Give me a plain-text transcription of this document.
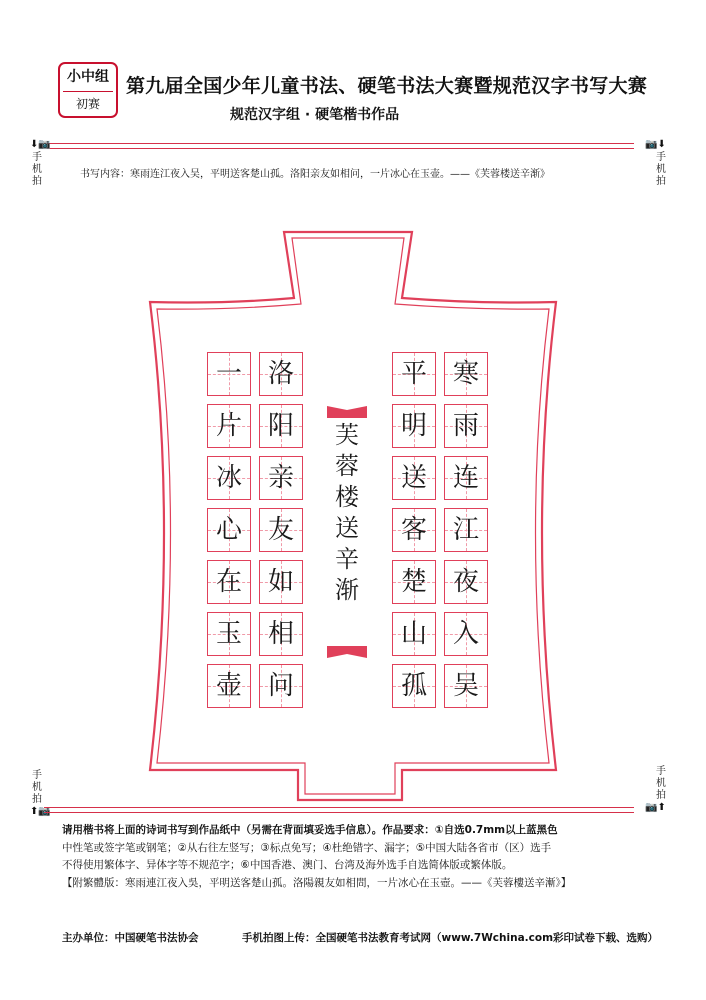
小中组
初赛
第九届全国少年儿童书法、硬笔书法大赛暨规范汉字书写大赛
规范汉字组 · 硬笔楷书作品
⬇📷
手机拍
📷⬇
手机拍
书写内容：寒雨连江夜入吴，平明送客楚山孤。洛阳亲友如相问，一片冰心在玉壶。——《芙蓉楼送辛渐》
芙蓉楼送辛渐
寒
雨
连
江
夜
入
吴
平
明
送
客
楚
山
孤
洛
阳
亲
友
如
相
问
一
片
冰
心
在
玉
壶
手机拍
⬆📷
手机拍
📷⬆
请用楷书将上面的诗词书写到作品纸中（另需在背面填妥选手信息）。作品要求：①自选0.7mm以上蓝黑色
中性笔或签字笔或钢笔；②从右往左竖写；③标点免写；④杜绝错字、漏字；⑤中国大陆各省市（区）选手
不得使用繁体字、异体字等不规范字；⑥中国香港、澳门、台湾及海外选手自选简体版或繁体版。
【附繁體版：寒雨連江夜入吳，平明送客楚山孤。洛陽親友如相問，一片冰心在玉壺。——《芙蓉樓送辛漸》】
主办单位：中国硬笔书法协会	手机拍图上传：全国硬笔书法教育考试网（www.7Wchina.com彩印试卷下载、选购）
